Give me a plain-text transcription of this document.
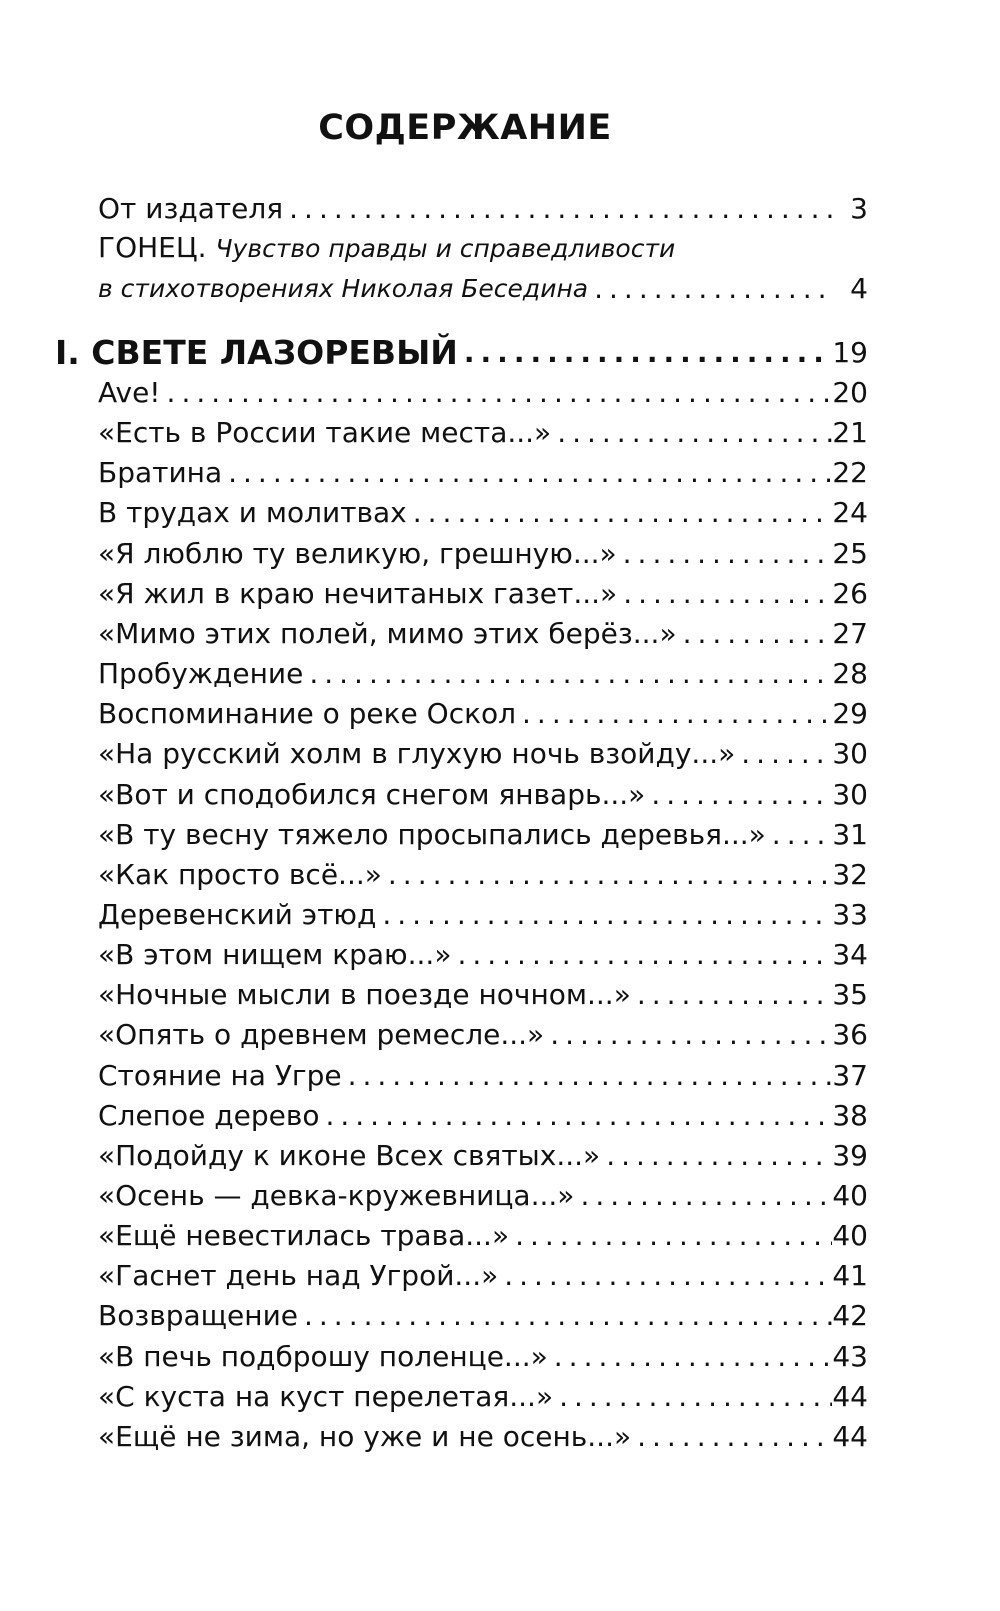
СОДЕРЖАНИЕ
От издателя .....	3
ГОНЕЦ. Чувство правды и справедливости
в стихотворениях Николая Беседина .....	4
I. СВЕТЕ ЛАЗОРЕВЫЙ .....	19
Ave! .....	20
«Есть в России такие места...» .....	21
Братина .....	22
В трудах и молитвах .....	24
«Я люблю ту великую, грешную...» .....	25
«Я жил в краю нечитаных газет...» .....	26
«Мимо этих полей, мимо этих берёз...» .....	27
Пробуждение .....	28
Воспоминание о реке Оскол .....	29
«На русский холм в глухую ночь взойду...» .....	30
«Вот и сподобился снегом январь...» .....	30
«В ту весну тяжело просыпались деревья...» ..... 31
«Как просто всё...» .....	32
Деревенский этюд .....	33
«В этом нищем краю...» .....	34
«Ночные мысли в поезде ночном...» .....	35
«Опять о древнем ремесле...» .....	36
Стояние на Угре .....	37
Слепое дерево .....	38
«Подойду к иконе Всех святых...» .....	39
«Осень — девка-кружевница...» .....	40
«Ещё невестилась трава...» .....	40
«Гаснет день над Угрой...» .....	41
Возвращение .....	42
«В печь подброшу поленце...» .....	43
«С куста на куст перелетая...» .....	44
«Ещё не зима, но уже и не осень...» .....	44
